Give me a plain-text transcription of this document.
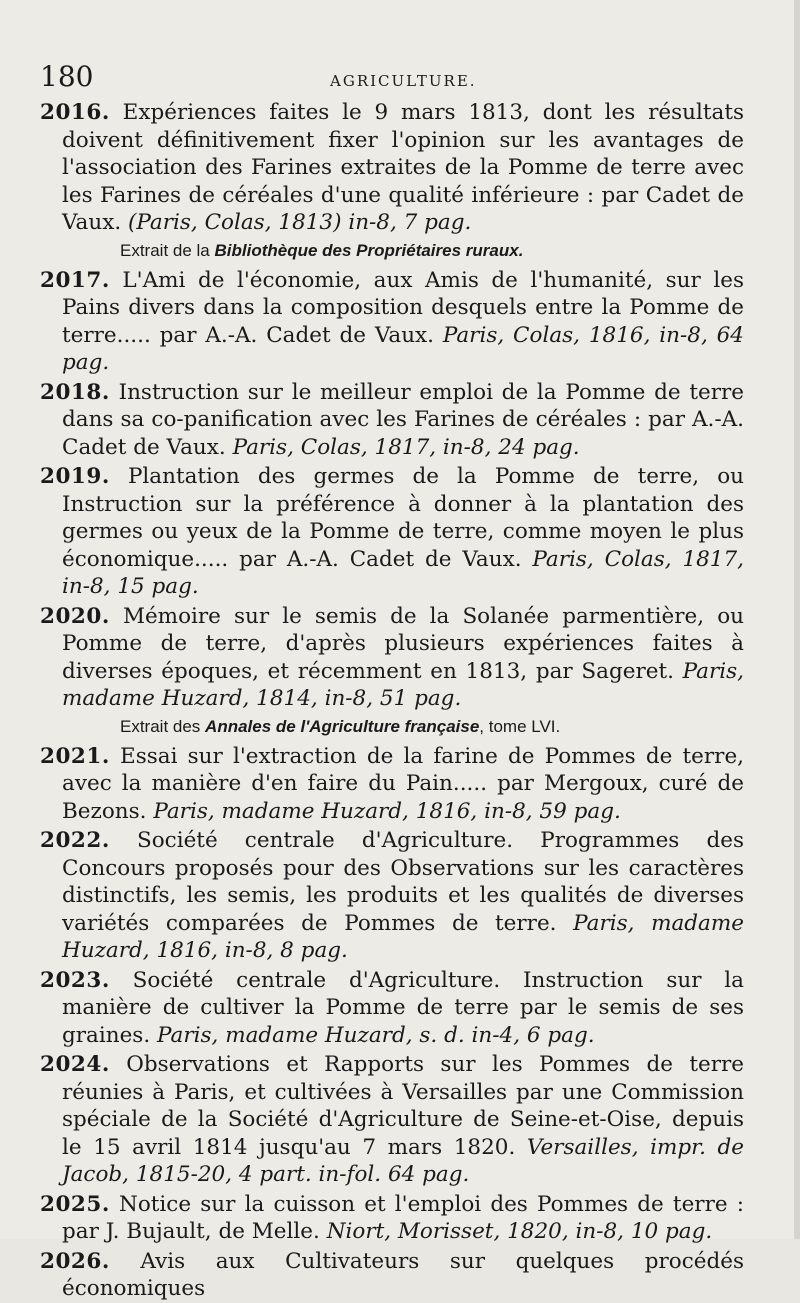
180	AGRICULTURE.

2016. Expériences faites le 9 mars 1813, dont les résultats doivent définitivement fixer l'opinion sur les avantages de l'association des Farines extraites de la Pomme de terre avec les Farines de céréales d'une qualité inférieure : par Cadet de Vaux. (Paris, Colas, 1813) in-8, 7 pag.

Extrait de la Bibliothèque des Propriétaires ruraux.

2017. L'Ami de l'économie, aux Amis de l'humanité, sur les Pains divers dans la composition desquels entre la Pomme de terre..... par A.-A. Cadet de Vaux. Paris, Colas, 1816, in-8, 64 pag.

2018. Instruction sur le meilleur emploi de la Pomme de terre dans sa co-panification avec les Farines de céréales : par A.-A. Cadet de Vaux. Paris, Colas, 1817, in-8, 24 pag.

2019. Plantation des germes de la Pomme de terre, ou Instruction sur la préférence à donner à la plantation des germes ou yeux de la Pomme de terre, comme moyen le plus économique..... par A.-A. Cadet de Vaux. Paris, Colas, 1817, in-8, 15 pag.

2020. Mémoire sur le semis de la Solanée parmentière, ou Pomme de terre, d'après plusieurs expériences faites à diverses époques, et récemment en 1813, par Sageret. Paris, madame Huzard, 1814, in-8, 51 pag.

Extrait des Annales de l'Agriculture française, tome LVI.

2021. Essai sur l'extraction de la farine de Pommes de terre, avec la manière d'en faire du Pain..... par Mergoux, curé de Bezons. Paris, madame Huzard, 1816, in-8, 59 pag.

2022. Société centrale d'Agriculture. Programmes des Concours proposés pour des Observations sur les caractères distinctifs, les semis, les produits et les qualités de diverses variétés comparées de Pommes de terre. Paris, madame Huzard, 1816, in-8, 8 pag.

2023. Société centrale d'Agriculture. Instruction sur la manière de cultiver la Pomme de terre par le semis de ses graines. Paris, madame Huzard, s. d. in-4, 6 pag.

2024. Observations et Rapports sur les Pommes de terre réunies à Paris, et cultivées à Versailles par une Commission spéciale de la Société d'Agriculture de Seine-et-Oise, depuis le 15 avril 1814 jusqu'au 7 mars 1820. Versailles, impr. de Jacob, 1815-20, 4 part. in-fol. 64 pag.

2025. Notice sur la cuisson et l'emploi des Pommes de terre : par J. Bujault, de Melle. Niort, Morisset, 1820, in-8, 10 pag.

2026. Avis aux Cultivateurs sur quelques procédés économiques
